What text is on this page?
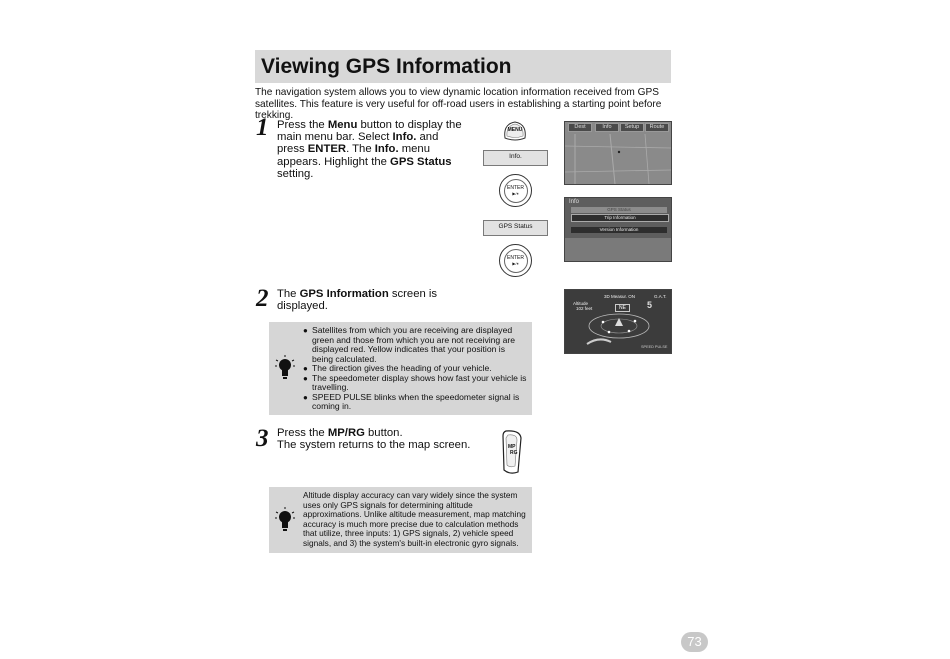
Viewing GPS Information
The navigation system allows you to view dynamic location information received from GPS satellites. This feature is very useful for off-road users in establishing a starting point before trekking.
1 Press the Menu button to display the main menu bar. Select Info. and press ENTER. The Info. menu appears. Highlight the GPS Status setting.
MENU
Info.
ENTER
▶/⏸
GPS Status
ENTER
▶/⏸
Dest	Info	Setup	Route
Info
GPS Status
Trip Information
Version Information
2 The GPS Information screen is displayed.
3D Measur. ON	G.A.T.
Altitude
102 feet	NE	5
SPEED PULSE
● Satellites from which you are receiving are displayed green and those from which you are not receiving are displayed red. Yellow indicates that your position is being calculated.
● The direction gives the heading of your vehicle.
● The speedometer display shows how fast your vehicle is travelling.
● SPEED PULSE blinks when the speedometer signal is coming in.
3 Press the MP/RG button.
The system returns to the map screen.	MP
RG
Altitude display accuracy can vary widely since the system uses only GPS signals for determining altitude approximations. Unlike altitude measurement, map matching accuracy is much more precise due to calculation methods that utilize, three inputs: 1) GPS signals, 2) vehicle speed signals, and 3) the system's built-in electronic gyro signals.
73
